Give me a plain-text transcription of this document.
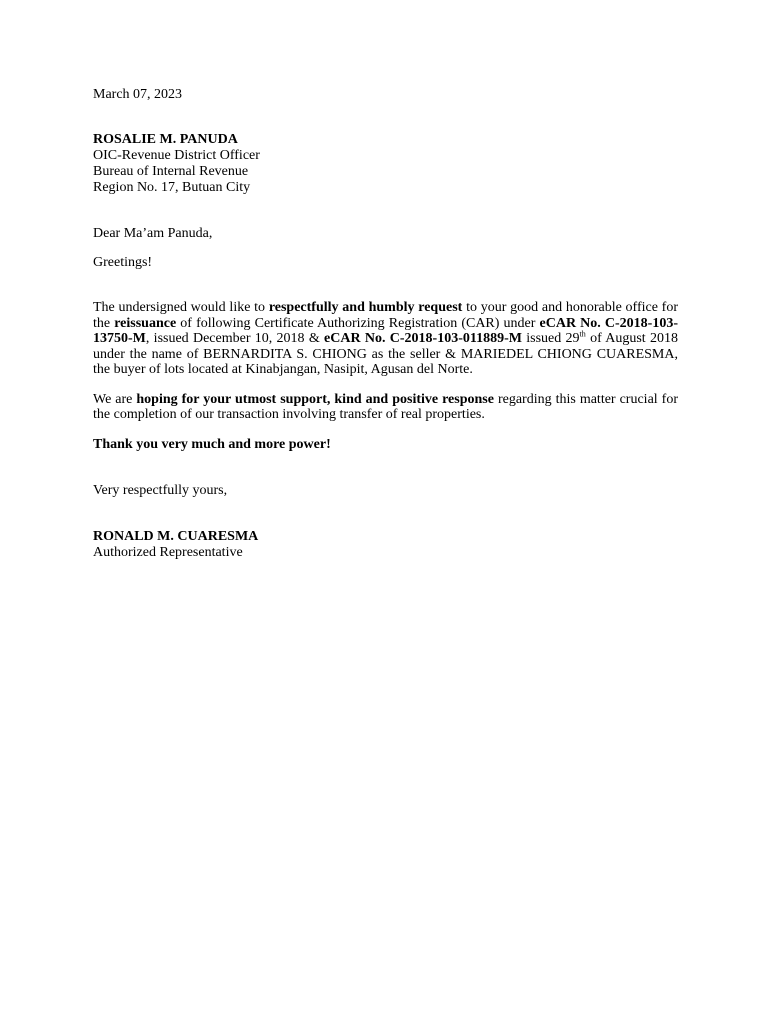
March 07, 2023
ROSALIE M. PANUDA
OIC-Revenue District Officer
Bureau of Internal Revenue
Region No. 17, Butuan City
Dear Ma’am Panuda,
Greetings!
The undersigned would like to respectfully and humbly request to your good and honorable office for the reissuance of following Certificate Authorizing Registration (CAR) under eCAR No. C-2018-103-13750-M, issued December 10, 2018 & eCAR No. C-2018-103-011889-M issued 29th of August 2018 under the name of BERNARDITA S. CHIONG as the seller & MARIEDEL CHIONG CUARESMA, the buyer of lots located at Kinabjangan, Nasipit, Agusan del Norte.
We are hoping for your utmost support, kind and positive response regarding this matter crucial for the completion of our transaction involving transfer of real properties.
Thank you very much and more power!
Very respectfully yours,
RONALD M. CUARESMA
Authorized Representative
